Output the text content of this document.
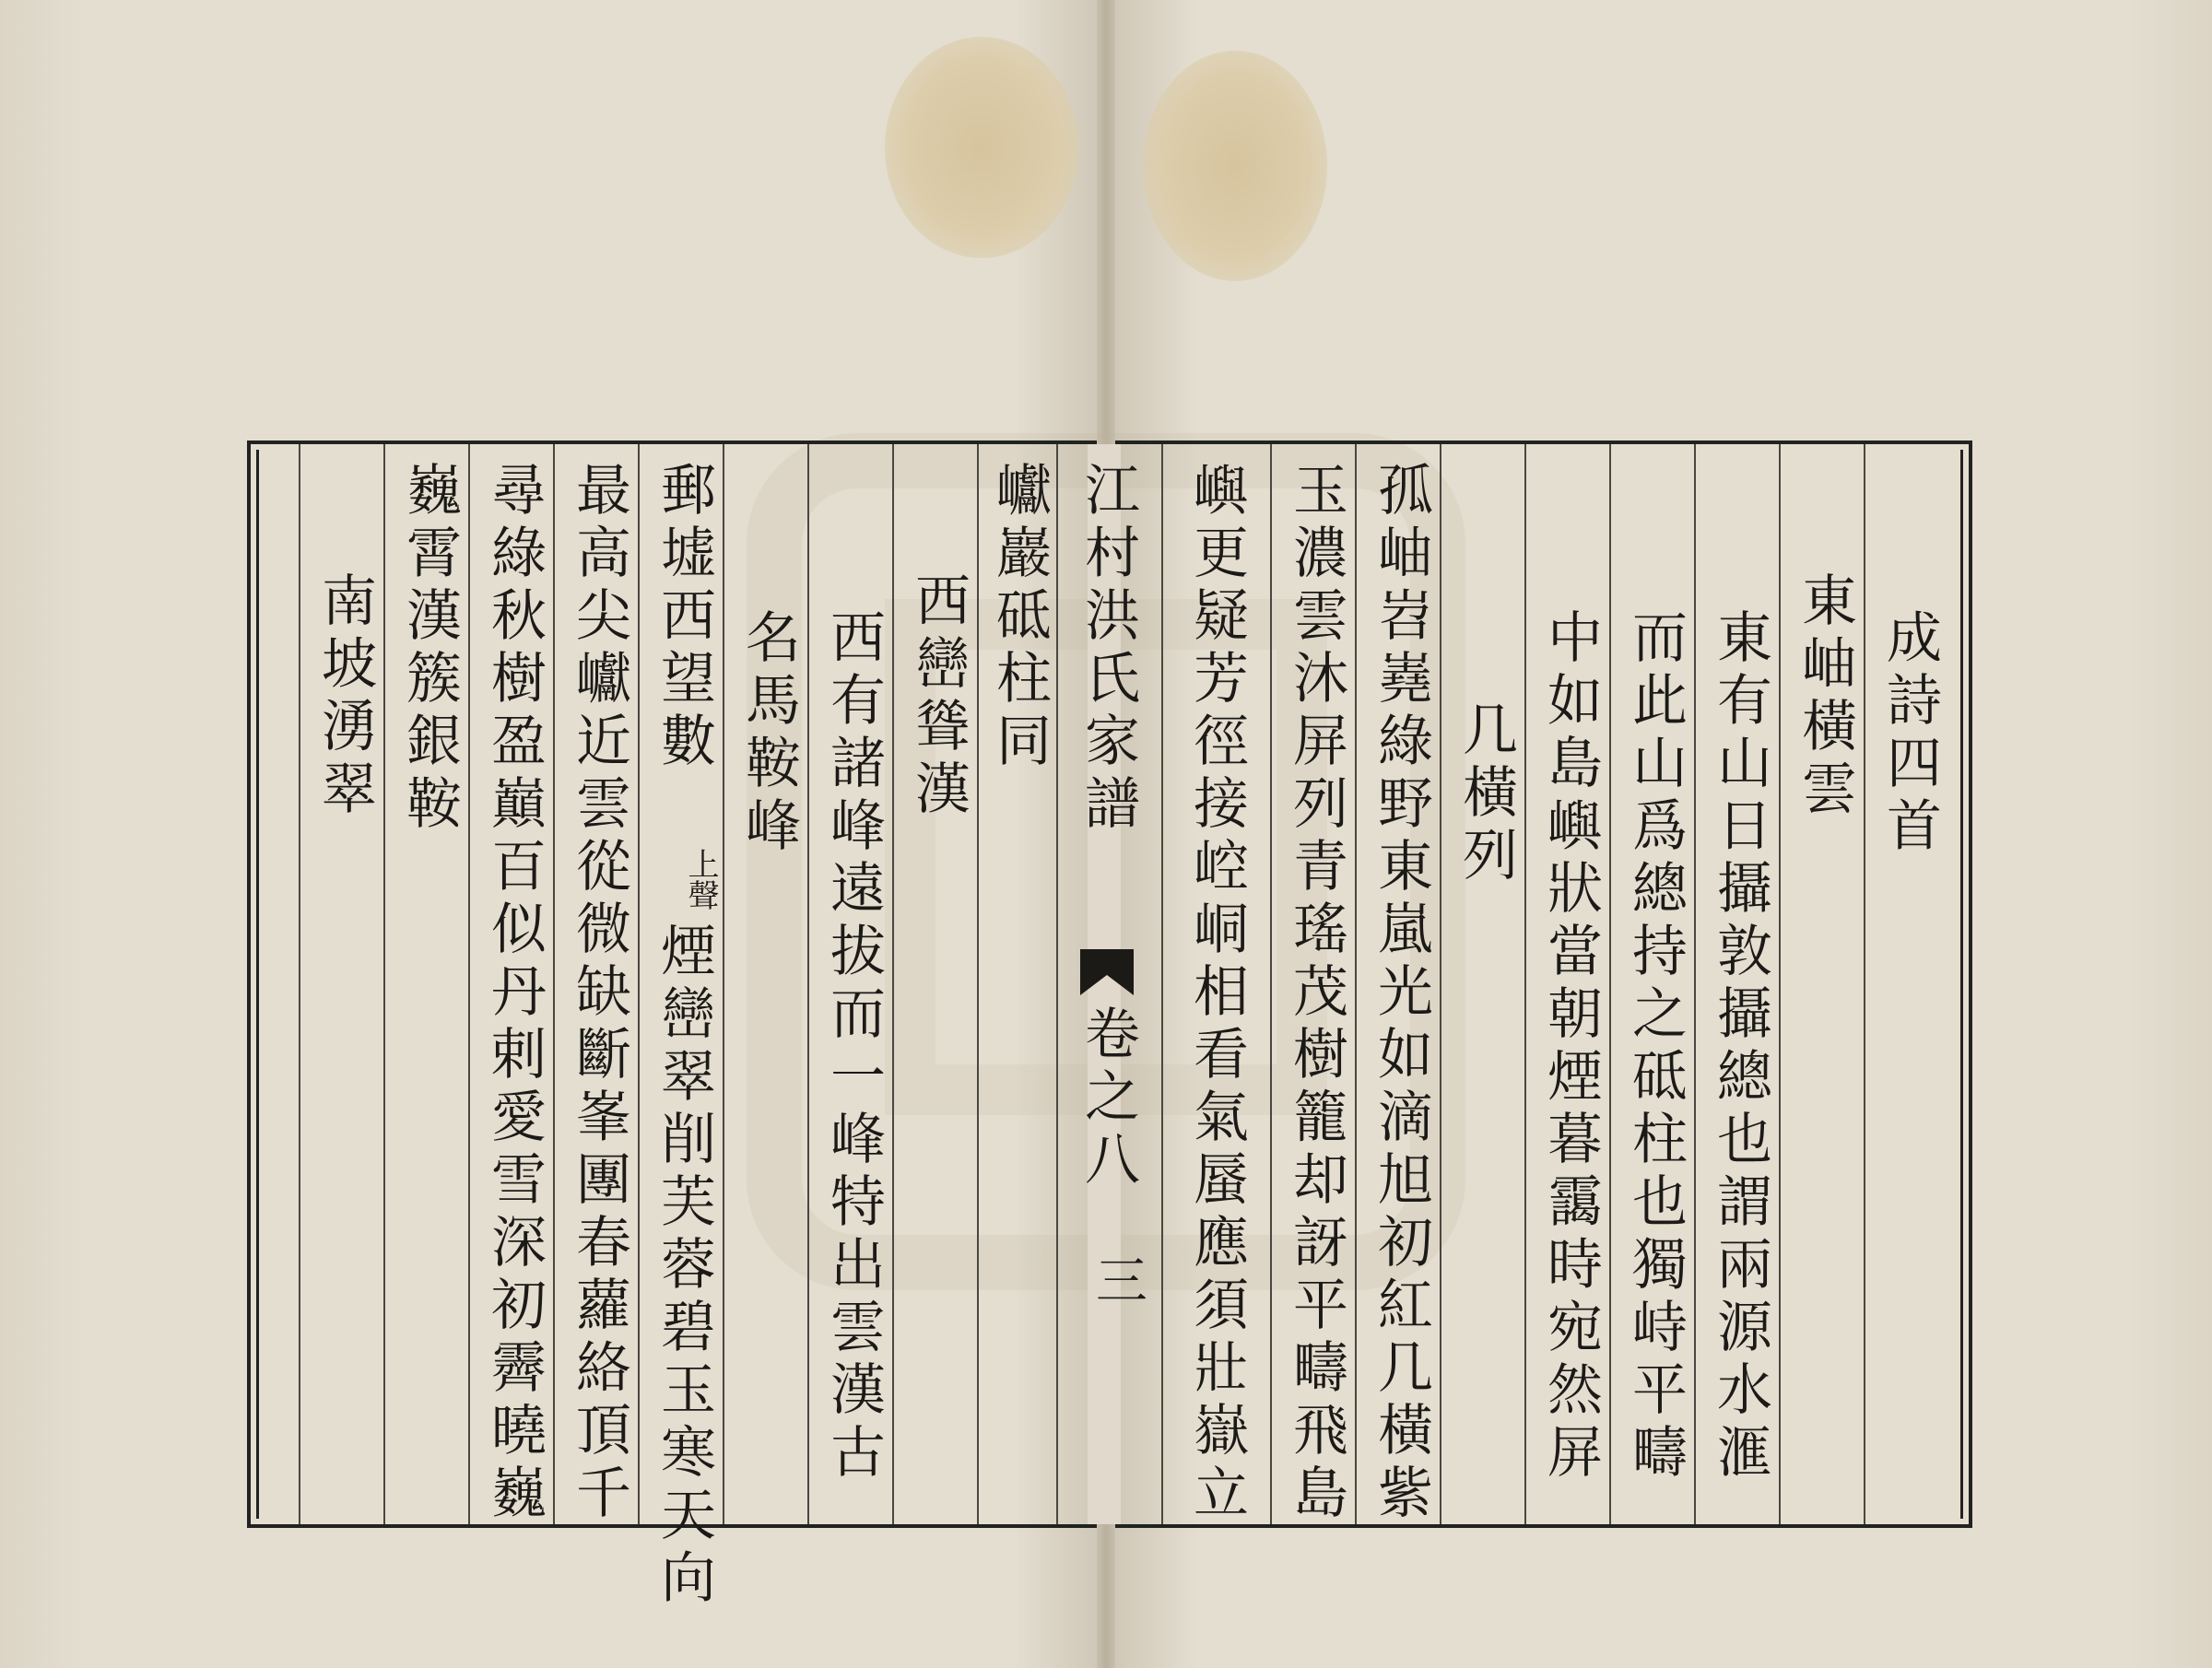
成詩四首
東岫橫雲
東有山日攝敦攝總也謂兩源水滙
而此山爲總持之砥柱也獨峙平疇
中如島嶼狀當朝煙暮靄時宛然屏
几橫列
孤岫岧嶤綠野東嵐光如滴旭初紅几橫紫
玉濃雲沐屏列青瑤茂樹籠却訝平疇飛島
嶼更疑芳徑接崆峒相看氣蜃應須壯嶽立
江村洪氏家譜
卷之八
三
巘巖砥柱同
西巒聳漢
西有諸峰遠拔而一峰特出雲漢古
名馬鞍峰
郵墟西望數
上聲
煙巒翠削芙蓉碧玉寒天向
最高尖巘近雲從微缺斷峯團春蘿絡頂千
尋綠秋樹盈巔百似丹剌愛雪深初霽曉巍
巍霄漢簇銀鞍
南坡湧翠
